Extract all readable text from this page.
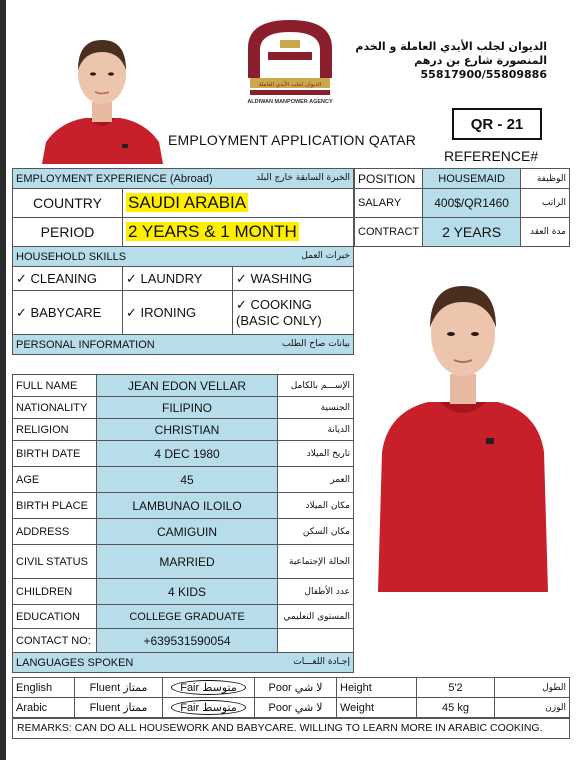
الديوان لجلب الأيدي العاملة
ALDIWAN MANPOWER AGENCY
الديوان لجلب الأيدي العاملة و الخدم
المنصورة شارع بن درهم
55817900/55809886
EMPLOYMENT APPLICATION QATAR
QR - 21
REFERENCE#
EMPLOYMENT EXPERIENCE (Abroad) الخبرة السابقة خارج البلد		

COUNTRY	SAUDI ARABIA	
PERIOD	2 YEARS & 1 MONTH	
HOUSEHOLD SKILLS خبرات العمل		

✓ CLEANING	✓ LAUNDRY	✓ WASHING
✓ BABYCARE	✓ IRONING	✓ COOKING
(BASIC ONLY)

PERSONAL INFORMATION بيانات صاح الطلب		
FULL NAME	JEAN EDON VELLAR	الإســـم بالكامل
NATIONALITY	FILIPINO	الجنسية
RELIGION	CHRISTIAN	الديانة
BIRTH DATE	4 DEC 1980	تاريخ الميلاد
AGE	45	العمر
BIRTH PLACE	LAMBUNAO ILOILO	مكان الميلاد
ADDRESS	CAMIGUIN	مكان السكن
CIVIL STATUS	MARRIED	الحالة الإجتماعية
CHILDREN	4 KIDS	عدد الأطفال
EDUCATION	COLLEGE GRADUATE	المستوى التعليمي
CONTACT NO:	+639531590054	
LANGUAGES SPOKEN إجـادة اللغـــات		
POSITION	HOUSEMAID	الوظيفة
SALARY	400$/QR1460	الراتب
CONTRACT	2 YEARS	مدة العقد
English	Fluent ممتاز	Fair متوسط	Poor لا شي	Height	5'2	الطول
Arabic	Fluent ممتاز	Fair متوسط	Poor لا شي	Weight	45 kg	الوزن
REMARKS: CAN DO ALL HOUSEWORK AND BABYCARE. WILLING TO LEARN MORE IN ARABIC COOKING.
